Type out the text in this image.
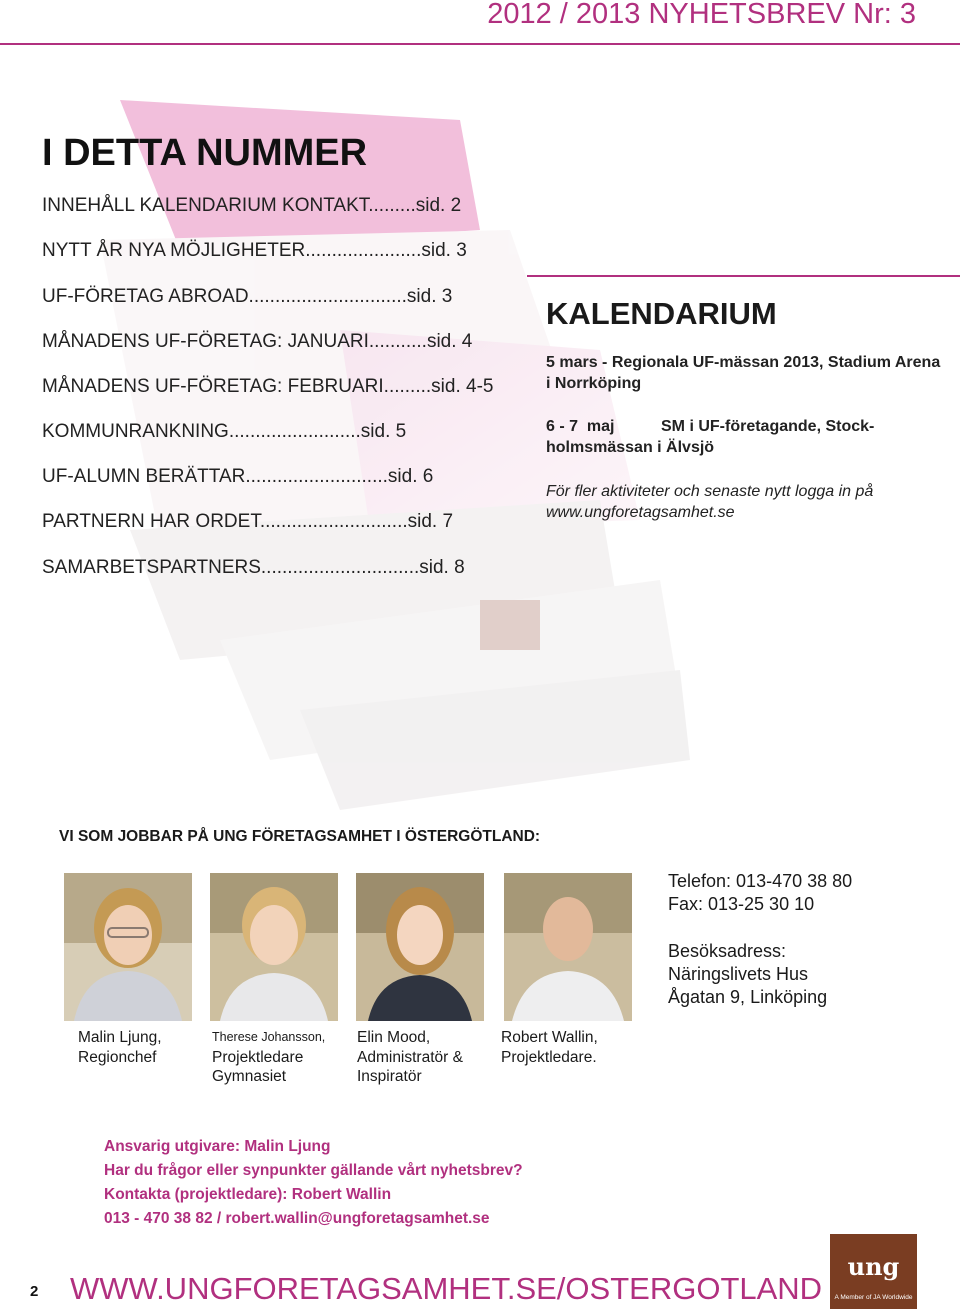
2012 / 2013 NYHETSBREV Nr: 3
I DETTA NUMMER
INNEHÅLL KALENDARIUM KONTAKT.........sid. 2
NYTT ÅR NYA MÖJLIGHETER......................sid. 3
UF-FÖRETAG ABROAD..............................sid. 3
MÅNADENS UF-FÖRETAG: JANUARI...........sid. 4
MÅNADENS UF-FÖRETAG: FEBRUARI.........sid. 4-5
KOMMUNRANKNING.........................sid. 5
UF-ALUMN BERÄTTAR...........................sid. 6
PARTNERN HAR ORDET............................sid. 7
SAMARBETSPARTNERS..............................sid. 8
KALENDARIUM
5 mars - Regionala UF-mässan 2013, Stadium Arena i Norrköping
6 - 7  maj	SM i UF-företagande, Stock-
holmsmässan i Älvsjö
För fler aktiviteter och senaste nytt logga in på www.ungforetagsamhet.se
VI SOM JOBBAR PÅ UNG FÖRETAGSAMHET I ÖSTERGÖTLAND:
Malin Ljung,
Regionchef
Therese Johansson,
Projektledare
Gymnasiet
Elin Mood,
Administratör &
Inspiratör
Robert Wallin,
Projektledare.
Telefon: 013-470 38 80
Fax: 013-25 30 10
Besöksadress:
Näringslivets Hus
Ågatan 9, Linköping
Ansvarig utgivare: Malin Ljung
Har du frågor eller synpunkter gällande vårt nyhetsbrev?
Kontakta (projektledare): Robert Wallin
013 - 470 38 82 / robert.wallin@ungforetagsamhet.se
2 WWW.UNGFORETAGSAMHET.SE/OSTERGOTLAND
ung
A Member of JA Worldwide
